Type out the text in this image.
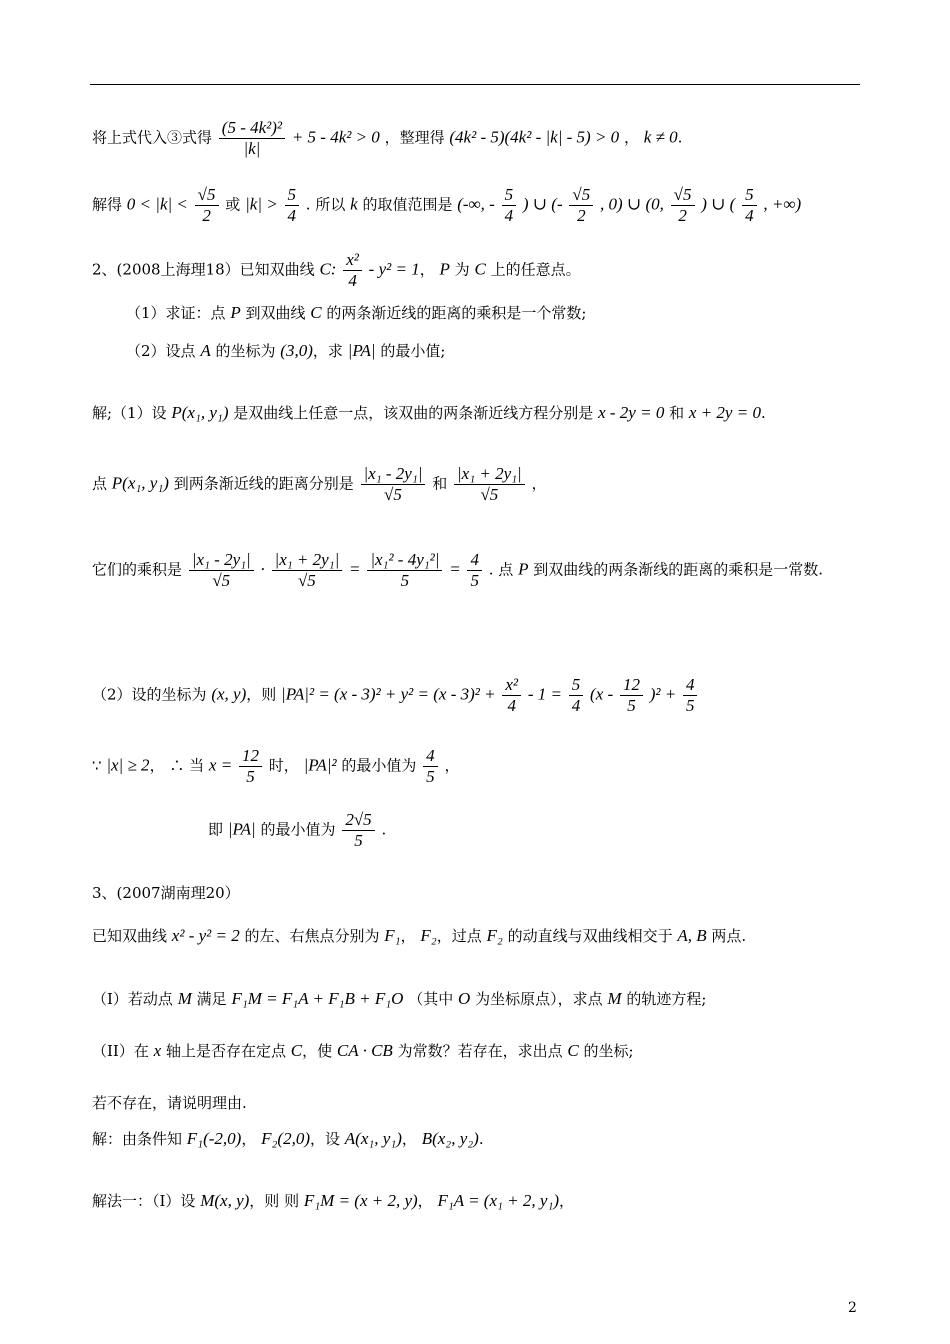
将上式代入③式得 $\frac{\text{(5 - 4k²)²}}{|k|} + 5 - 4k^2 > 0$ ，整理得 (4k² - 5)(4k² - |k| - 5) > 0 ， k ≠ 0.
解得 $0 < |k| < \frac{√5}{2}$ 或 $|k| > \frac{5}{4}$ . 所以 k 的取值范围是 (-∞, - $\frac{5}{4}$ ) ∪ (- $\frac{√5}{2}$ , 0) ∪ (0, $\frac{√5}{2}$ ) ∪ ( $\frac{5}{4}$ , +∞)
2、(2008上海理18）已知双曲线 C: $\frac{\text{x²}}{4} - y^2 = 1$， P 为 C 上的任意点。
（1）求证：点 P 到双曲线 C 的两条渐近线的距离的乘积是一个常数;
（2）设点 A 的坐标为 (3,0)，求 |PA| 的最小值;
解;（1）设 P(x₁, y₁) 是双曲线上任意一点，该双曲的两条渐近线方程分别是 x - 2y = 0 和 x + 2y = 0.
点 P(x₁, y₁) 到两条渐近线的距离分别是 $\frac{\text{|x₁ - 2y₁|}}{√5}$ 和 $\frac{\text{|x₁ + 2y₁|}}{√5}$ ，
它们的乘积是 $\frac{\text{|x₁ - 2y₁|}}{√5} \cdot \frac{\text{|x₁ + 2y₁|}}{√5} = \frac{\text{|x₁² - 4y₁²|}}{5} = \frac{4}{5}$ . 点 P 到双曲线的两条渐线的距离的乘积是一常数.
（2）设的坐标为 (x, y)，则 $|PA|^2 = (x - 3)^2 + y^2 = (x - 3)^2 + \frac{\text{x²}}{4} - 1 = \frac{5}{4} (x - \frac{12}{5} )^2 + \frac{4}{5}$
∵ |x| ≥ 2， ∴ 当 $x = \frac{12}{5}$ 时， |PA|² 的最小值为 $\frac{4}{5}$ ，
即 |PA| 的最小值为 $\frac{2√5}{5}$ .
3、(2007湖南理20）
已知双曲线 x² - y² = 2 的左、右焦点分别为 F₁， F₂，过点 F₂ 的动直线与双曲线相交于 A, B 两点.
（I）若动点 M 满足 F₁M = F₁A + F₁B + F₁O （其中 O 为坐标原点），求点 M 的轨迹方程;
（II）在 x 轴上是否存在定点 C，使 CA · CB 为常数？若存在，求出点 C 的坐标;
若不存在，请说明理由.
解：由条件知 F₁(-2,0)， F₂(2,0)，设 A(x₁, y₁)， B(x₂, y₂).
解法一：（I）设 M(x, y)，则 则 F₁M = (x + 2, y)， F₁A = (x₁ + 2, y₁)，
2
